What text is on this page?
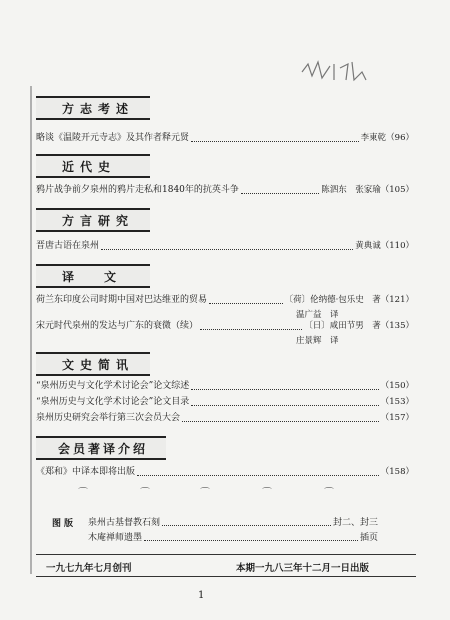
方志考述
略谈《温陵开元寺志》及其作者释元贤	李東乾 （96）
近代史
鸦片战争前夕泉州的鸦片走私和1840年的抗英斗争	陈泗东　张家瑜 （105）
方言研究
晋唐古语在泉州	黄典诚 （110）
译文
荷兰东印度公司时期中国对巴达维亚的贸易	〔荷〕伦纳德·包乐史　著 （121）
温广益　译
宋元时代泉州的发达与广东的衰微（续）	〔日〕咸田节男　著 （135）
庄景辉　译
文史简讯
“泉州历史与文化学术讨论会”论文综述	（150）
“泉州历史与文化学术讨论会”论文目录	（153）
泉州历史研究会举行第三次会员大会	（157）
会员著译介绍
《郑和》中译本即将出版	（158）
⌒	⌒	⌒	⌒	⌒
图版 泉州古基督教石刻	封二、封三
木庵禅师遗墨	插页
一九七九年七月创刊	本期一九八三年十二月一日出版
1
